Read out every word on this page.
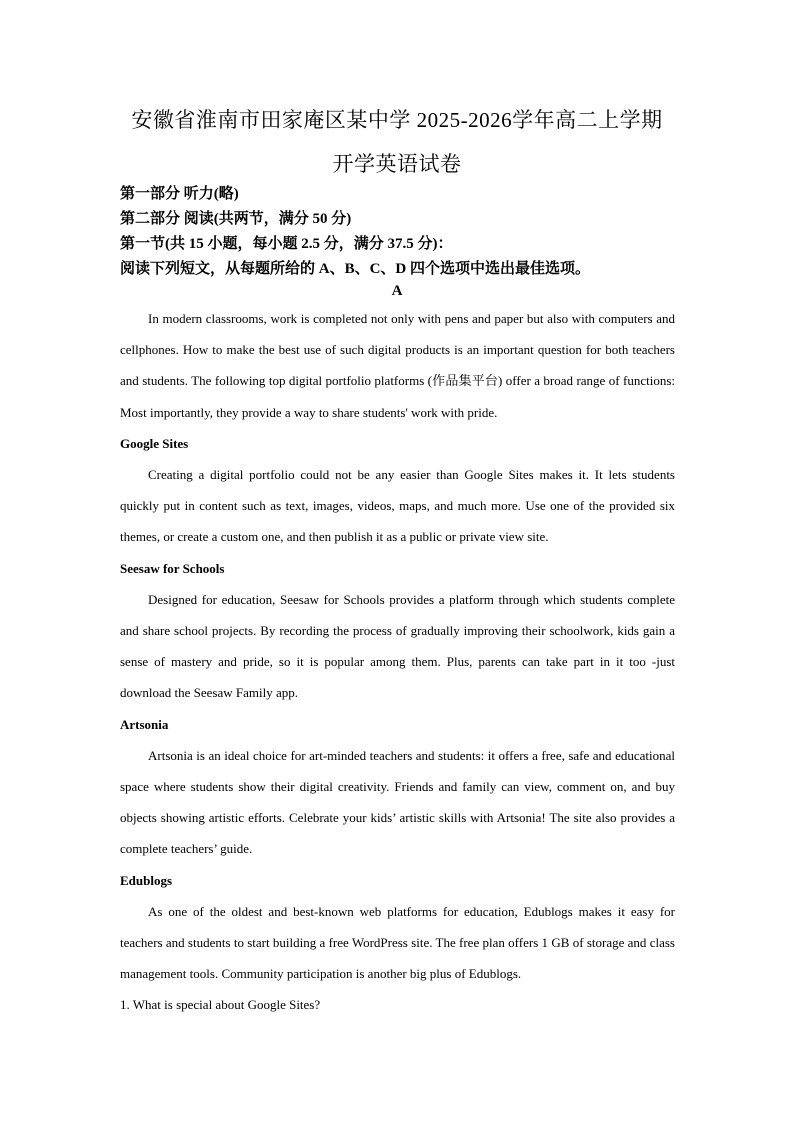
安徽省淮南市田家庵区某中学 2025-2026学年高二上学期
开学英语试卷
第一部分 听力(略)
第二部分 阅读(共两节，满分 50 分)
第一节(共 15 小题，每小题 2.5 分，满分 37.5 分)：
阅读下列短文，从每题所给的 A、B、C、D 四个选项中选出最佳选项。
A

In modern classrooms, work is completed not only with pens and paper but also with computers and cellphones. How to make the best use of such digital products is an important question for both teachers and students. The following top digital portfolio platforms (作品集平台) offer a broad range of functions: Most importantly, they provide a way to share students' work with pride.

Google Sites

Creating a digital portfolio could not be any easier than Google Sites makes it. It lets students quickly put in content such as text, images, videos, maps, and much more. Use one of the provided six themes, or create a custom one, and then publish it as a public or private view site.

Seesaw for Schools

Designed for education, Seesaw for Schools provides a platform through which students complete and share school projects. By recording the process of gradually improving their schoolwork, kids gain a sense of mastery and pride, so it is popular among them. Plus, parents can take part in it too -just download the Seesaw Family app.

Artsonia

Artsonia is an ideal choice for art-minded teachers and students: it offers a free, safe and educational space where students show their digital creativity. Friends and family can view, comment on, and buy objects showing artistic efforts. Celebrate your kids’ artistic skills with Artsonia! The site also provides a complete teachers’ guide.

Edublogs

As one of the oldest and best-known web platforms for education, Edublogs makes it easy for teachers and students to start building a free WordPress site. The free plan offers 1 GB of storage and class management tools. Community participation is another big plus of Edublogs.

1. What is special about Google Sites?
